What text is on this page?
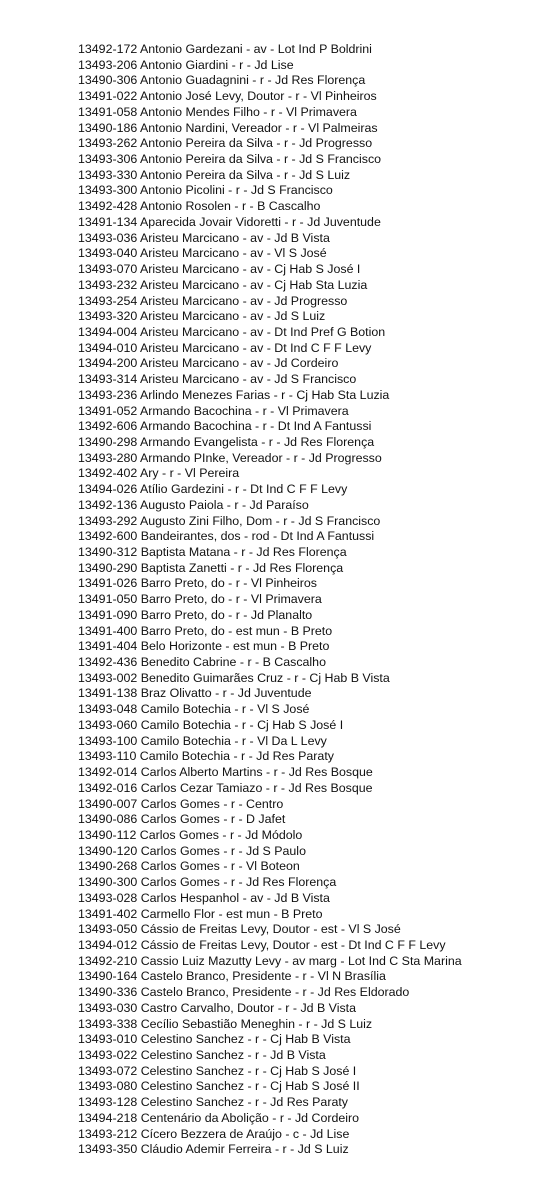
13492-172 Antonio Gardezani - av - Lot Ind P Boldrini
13493-206 Antonio Giardini - r - Jd Lise
13490-306 Antonio Guadagnini - r - Jd Res Florença
13491-022 Antonio José Levy, Doutor - r - Vl Pinheiros
13491-058 Antonio Mendes Filho - r - Vl Primavera
13490-186 Antonio Nardini, Vereador - r - Vl Palmeiras
13493-262 Antonio Pereira da Silva - r - Jd Progresso
13493-306 Antonio Pereira da Silva - r - Jd S Francisco
13493-330 Antonio Pereira da Silva - r - Jd S Luiz
13493-300 Antonio Picolini - r - Jd S Francisco
13492-428 Antonio Rosolen - r - B Cascalho
13491-134 Aparecida Jovair Vidoretti - r - Jd Juventude
13493-036 Aristeu Marcicano - av - Jd B Vista
13493-040 Aristeu Marcicano - av - Vl S José
13493-070 Aristeu Marcicano - av - Cj Hab S José I
13493-232 Aristeu Marcicano - av - Cj Hab Sta Luzia
13493-254 Aristeu Marcicano - av - Jd Progresso
13493-320 Aristeu Marcicano - av - Jd S Luiz
13494-004 Aristeu Marcicano - av - Dt Ind Pref G Botion
13494-010 Aristeu Marcicano - av - Dt Ind C F F Levy
13494-200 Aristeu Marcicano - av - Jd Cordeiro
13493-314 Aristeu Marcicano - av - Jd S Francisco
13493-236 Arlindo Menezes Farias - r - Cj Hab Sta Luzia
13491-052 Armando Bacochina - r - Vl Primavera
13492-606 Armando Bacochina - r - Dt Ind A Fantussi
13490-298 Armando Evangelista - r - Jd Res Florença
13493-280 Armando PInke, Vereador - r - Jd Progresso
13492-402 Ary - r - Vl Pereira
13494-026 Atílio Gardezini - r - Dt Ind C F F Levy
13492-136 Augusto Paiola - r - Jd Paraíso
13493-292 Augusto Zini Filho, Dom - r - Jd S Francisco
13492-600 Bandeirantes, dos - rod - Dt Ind A Fantussi
13490-312 Baptista Matana - r - Jd Res Florença
13490-290 Baptista Zanetti - r - Jd Res Florença
13491-026 Barro Preto, do - r - Vl Pinheiros
13491-050 Barro Preto, do - r - Vl Primavera
13491-090 Barro Preto, do - r - Jd Planalto
13491-400 Barro Preto, do - est mun - B Preto
13491-404 Belo Horizonte - est mun - B Preto
13492-436 Benedito Cabrine - r - B Cascalho
13493-002 Benedito Guimarães Cruz - r - Cj Hab B Vista
13491-138 Braz Olivatto - r - Jd Juventude
13493-048 Camilo Botechia - r - Vl S José
13493-060 Camilo Botechia - r - Cj Hab S José I
13493-100 Camilo Botechia - r - Vl Da L Levy
13493-110 Camilo Botechia - r - Jd Res Paraty
13492-014 Carlos Alberto Martins - r - Jd Res Bosque
13492-016 Carlos Cezar Tamiazo - r - Jd Res Bosque
13490-007 Carlos Gomes - r - Centro
13490-086 Carlos Gomes - r - D Jafet
13490-112 Carlos Gomes - r - Jd Módolo
13490-120 Carlos Gomes - r - Jd S Paulo
13490-268 Carlos Gomes - r - Vl Boteon
13490-300 Carlos Gomes - r - Jd Res Florença
13493-028 Carlos Hespanhol - av - Jd B Vista
13491-402 Carmello Flor - est mun - B Preto
13493-050 Cássio de Freitas Levy, Doutor - est - Vl S José
13494-012 Cássio de Freitas Levy, Doutor - est - Dt Ind C F F Levy
13492-210 Cassio Luiz Mazutty Levy - av marg - Lot Ind C Sta Marina
13490-164 Castelo Branco, Presidente - r - Vl N Brasília
13490-336 Castelo Branco, Presidente - r - Jd Res Eldorado
13493-030 Castro Carvalho, Doutor - r - Jd B Vista
13493-338 Cecílio Sebastião Meneghin - r - Jd S Luiz
13493-010 Celestino Sanchez - r - Cj Hab B Vista
13493-022 Celestino Sanchez - r - Jd B Vista
13493-072 Celestino Sanchez - r - Cj Hab S José I
13493-080 Celestino Sanchez - r - Cj Hab S José II
13493-128 Celestino Sanchez - r - Jd Res Paraty
13494-218 Centenário da Abolição - r - Jd Cordeiro
13493-212 Cícero Bezzera de Araújo - c - Jd Lise
13493-350 Cláudio Ademir Ferreira - r - Jd S Luiz
